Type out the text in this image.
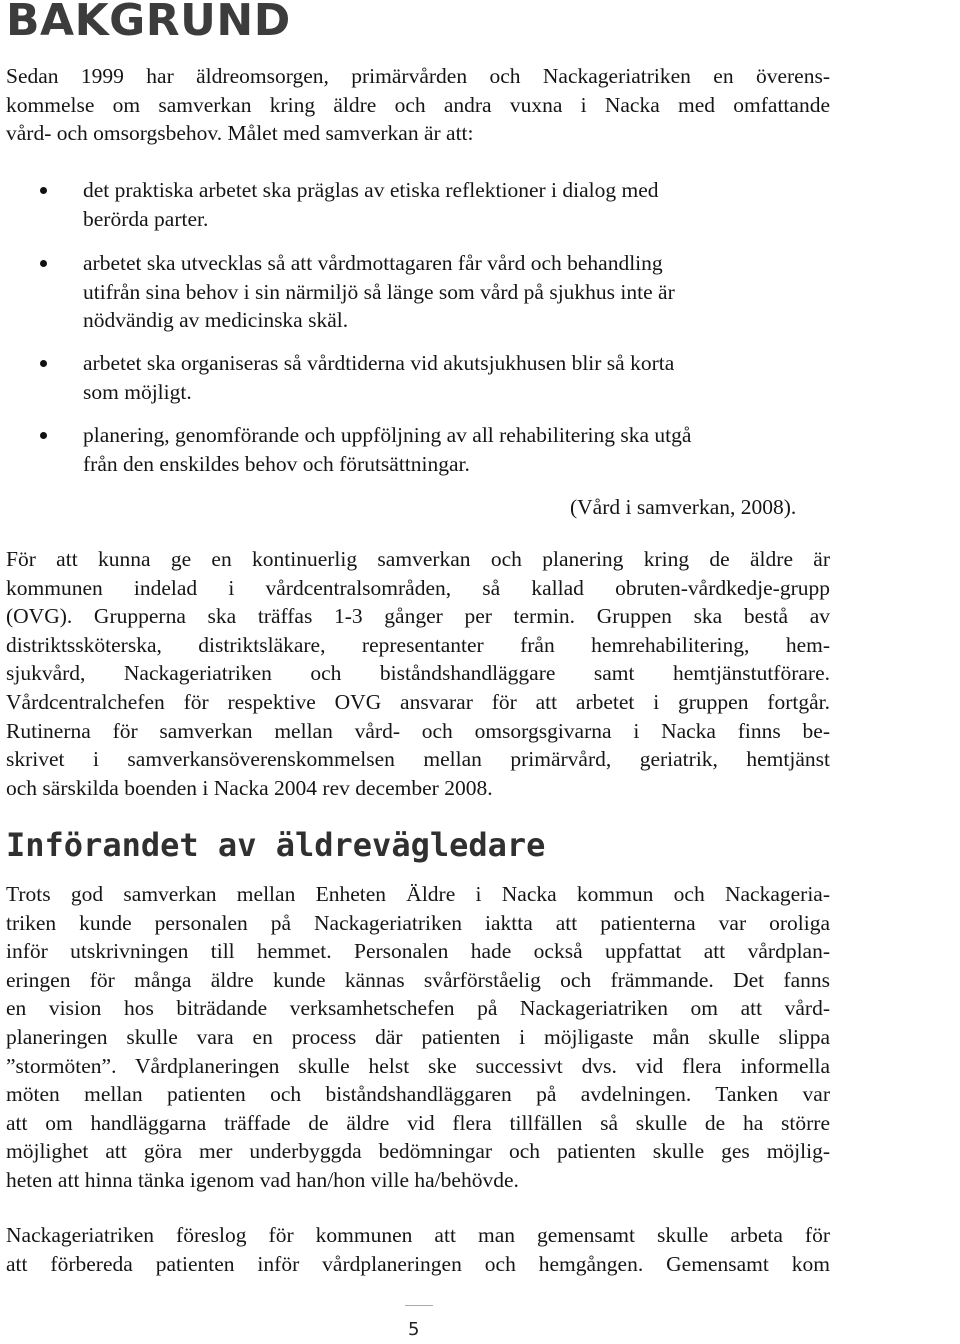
BAKGRUND

Sedan 1999 har äldreomsorgen, primärvården och Nackageriatriken en överens-
kommelse om samverkan kring äldre och andra vuxna i Nacka med omfattande
vård- och omsorgsbehov. Målet med samverkan är att:

det praktiska arbetet ska präglas av etiska reflektioner i dialog med
berörda parter.
arbetet ska utvecklas så att vårdmottagaren får vård och behandling
utifrån sina behov i sin närmiljö så länge som vård på sjukhus inte är
nödvändig av medicinska skäl.
arbetet ska organiseras så vårdtiderna vid akutsjukhusen blir så korta
som möjligt.
planering, genomförande och uppföljning av all rehabilitering ska utgå
från den enskildes behov och förutsättningar.
(Vård i samverkan, 2008).

För att kunna ge en kontinuerlig samverkan och planering kring de äldre är
kommunen indelad i vårdcentralsområden, så kallad obruten-vårdkedje-grupp
(OVG). Grupperna ska träffas 1-3 gånger per termin. Gruppen ska bestå av
distriktssköterska, distriktsläkare, representanter från hemrehabilitering, hem-
sjukvård, Nackageriatriken och biståndshandläggare samt hemtjänstutförare.
Vårdcentralchefen för respektive OVG ansvarar för att arbetet i gruppen fortgår.
Rutinerna för samverkan mellan vård- och omsorgsgivarna i Nacka finns be-
skrivet i samverkansöverenskommelsen mellan primärvård, geriatrik, hemtjänst
och särskilda boenden i Nacka 2004 rev december 2008.

Införandet av äldrevägledare

Trots god samverkan mellan Enheten Äldre i Nacka kommun och Nackageria-
triken kunde personalen på Nackageriatriken iaktta att patienterna var oroliga
inför utskrivningen till hemmet. Personalen hade också uppfattat att vårdplan-
eringen för många äldre kunde kännas svårförståelig och främmande. Det fanns
en vision hos biträdande verksamhetschefen på Nackageriatriken om att vård-
planeringen skulle vara en process där patienten i möjligaste mån skulle slippa
”stormöten”. Vårdplaneringen skulle helst ske successivt dvs. vid flera informella
möten mellan patienten och biståndshandläggaren på avdelningen. Tanken var
att om handläggarna träffade de äldre vid flera tillfällen så skulle de ha större
möjlighet att göra mer underbyggda bedömningar och patienten skulle ges möjlig-
heten att hinna tänka igenom vad han/hon ville ha/behövde.

Nackageriatriken föreslog för kommunen att man gemensamt skulle arbeta för
att förbereda patienten inför vårdplaneringen och hemgången. Gemensamt kom

5
